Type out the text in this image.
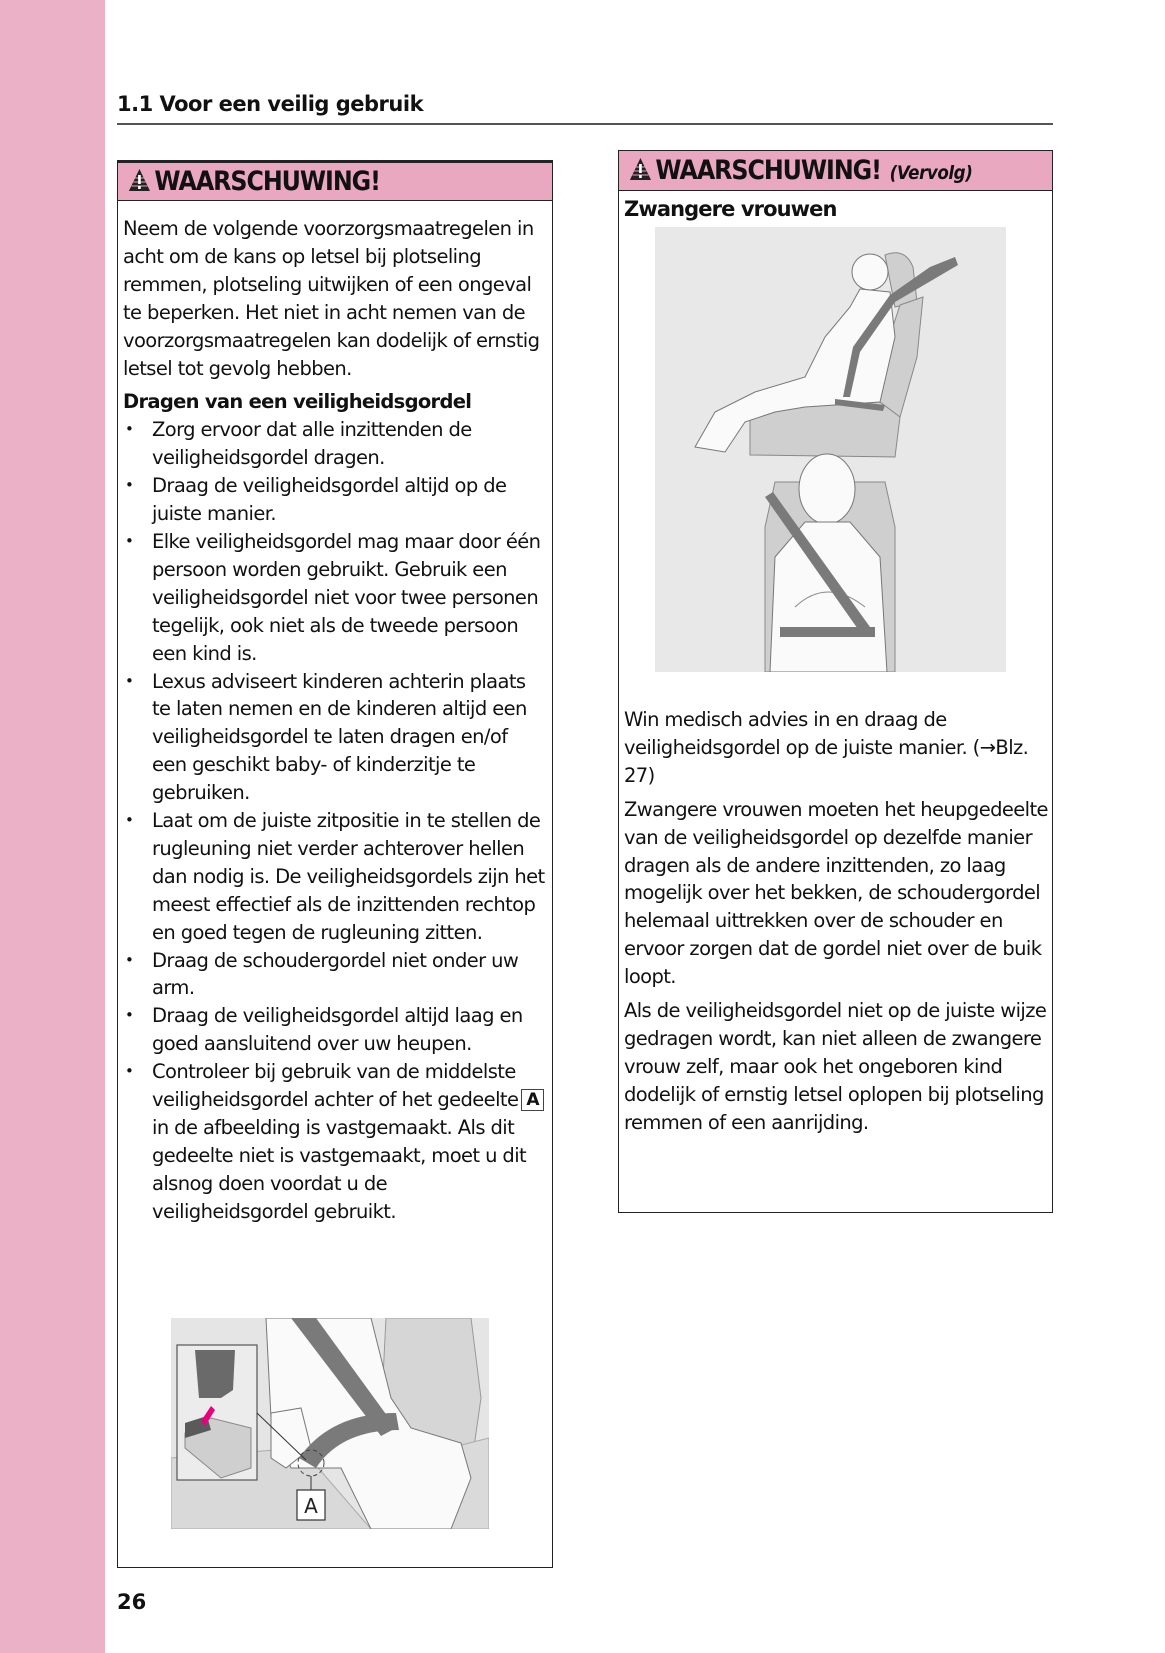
1.1 Voor een veilig gebruik
WAARSCHUWING!

Neem de volgende voorzorgsmaatregelen in acht om de kans op letsel bij plotseling remmen, plotseling uitwijken of een ongeval te beperken. Het niet in acht nemen van de voorzorgsmaatregelen kan dodelijk of ernstig letsel tot gevolg hebben.

Dragen van een veiligheidsgordel
• Zorg ervoor dat alle inzittenden de veiligheidsgordel dragen.
• Draag de veiligheidsgordel altijd op de juiste manier.
• Elke veiligheidsgordel mag maar door één persoon worden gebruikt. Gebruik een veiligheidsgordel niet voor twee personen tegelijk, ook niet als de tweede persoon een kind is.
• Lexus adviseert kinderen achterin plaats te laten nemen en de kinderen altijd een veiligheidsgordel te laten dragen en/of een geschikt baby- of kinderzitje te gebruiken.
• Laat om de juiste zitpositie in te stellen de rugleuning niet verder achterover hellen dan nodig is. De veiligheidsgordels zijn het meest effectief als de inzittenden rechtop en goed tegen de rugleuning zitten.
• Draag de schoudergordel niet onder uw arm.
• Draag de veiligheidsgordel altijd laag en goed aansluitend over uw heupen.
• Controleer bij gebruik van de middelste veiligheidsgordel achter of het gedeelte Ain de afbeelding is vastgemaakt. Als dit gedeelte niet is vastgemaakt, moet u dit alsnog doen voordat u de veiligheidsgordel gebruikt.
A
WAARSCHUWING! (Vervolg)
Zwangere vrouwen

Win medisch advies in en draag de veiligheidsgordel op de juiste manier. (→Blz. 27)

Zwangere vrouwen moeten het heupgedeelte van de veiligheidsgordel op dezelfde manier dragen als de andere inzittenden, zo laag mogelijk over het bekken, de schoudergordel helemaal uittrekken over de schouder en ervoor zorgen dat de gordel niet over de buik loopt.

Als de veiligheidsgordel niet op de juiste wijze gedragen wordt, kan niet alleen de zwangere vrouw zelf, maar ook het ongeboren kind dodelijk of ernstig letsel oplopen bij plotseling remmen of een aanrijding.

26
